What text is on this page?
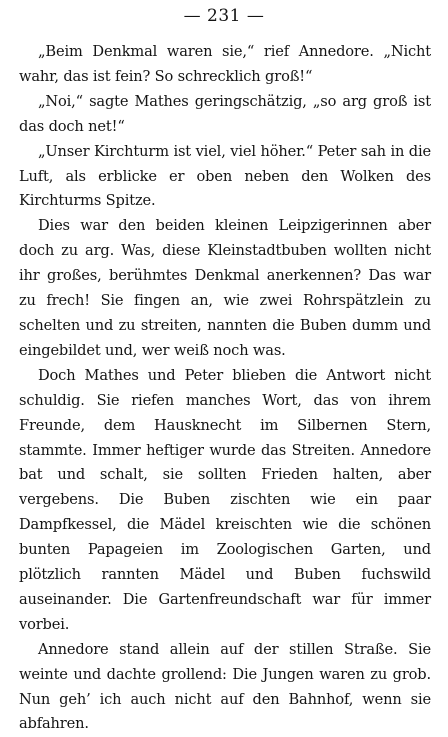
— 231 —

„Beim Denkmal waren sie,“ rief Annedore. „Nicht wahr, das ist fein? So schrecklich groß!“

„Noi,“ sagte Mathes geringschätzig, „so arg groß ist das doch net!“

„Unser Kirchturm ist viel, viel höher.“ Peter sah in die Luft, als erblicke er oben neben den Wolken des Kirchturms Spitze.

Dies war den beiden kleinen Leipzigerinnen aber doch zu arg. Was, diese Kleinstadtbuben wollten nicht ihr großes, berühmtes Denkmal anerkennen? Das war zu frech! Sie fingen an, wie zwei Rohrspätzlein zu schelten und zu streiten, nannten die Buben dumm und eingebildet und, wer weiß noch was.

Doch Mathes und Peter blieben die Antwort nicht schuldig. Sie riefen manches Wort, das von ihrem Freunde, dem Hausknecht im Silbernen Stern, stammte. Immer heftiger wurde das Streiten. Annedore bat und schalt, sie sollten Frieden halten, aber vergebens. Die Buben zischten wie ein paar Dampfkessel, die Mädel kreischten wie die schönen bunten Papageien im Zoologischen Garten, und plötzlich rannten Mädel und Buben fuchswild auseinander. Die Gartenfreundschaft war für immer vorbei.

Annedore stand allein auf der stillen Straße. Sie weinte und dachte grollend: Die Jungen waren zu grob. Nun geh’ ich auch nicht auf den Bahnhof, wenn sie abfahren.
